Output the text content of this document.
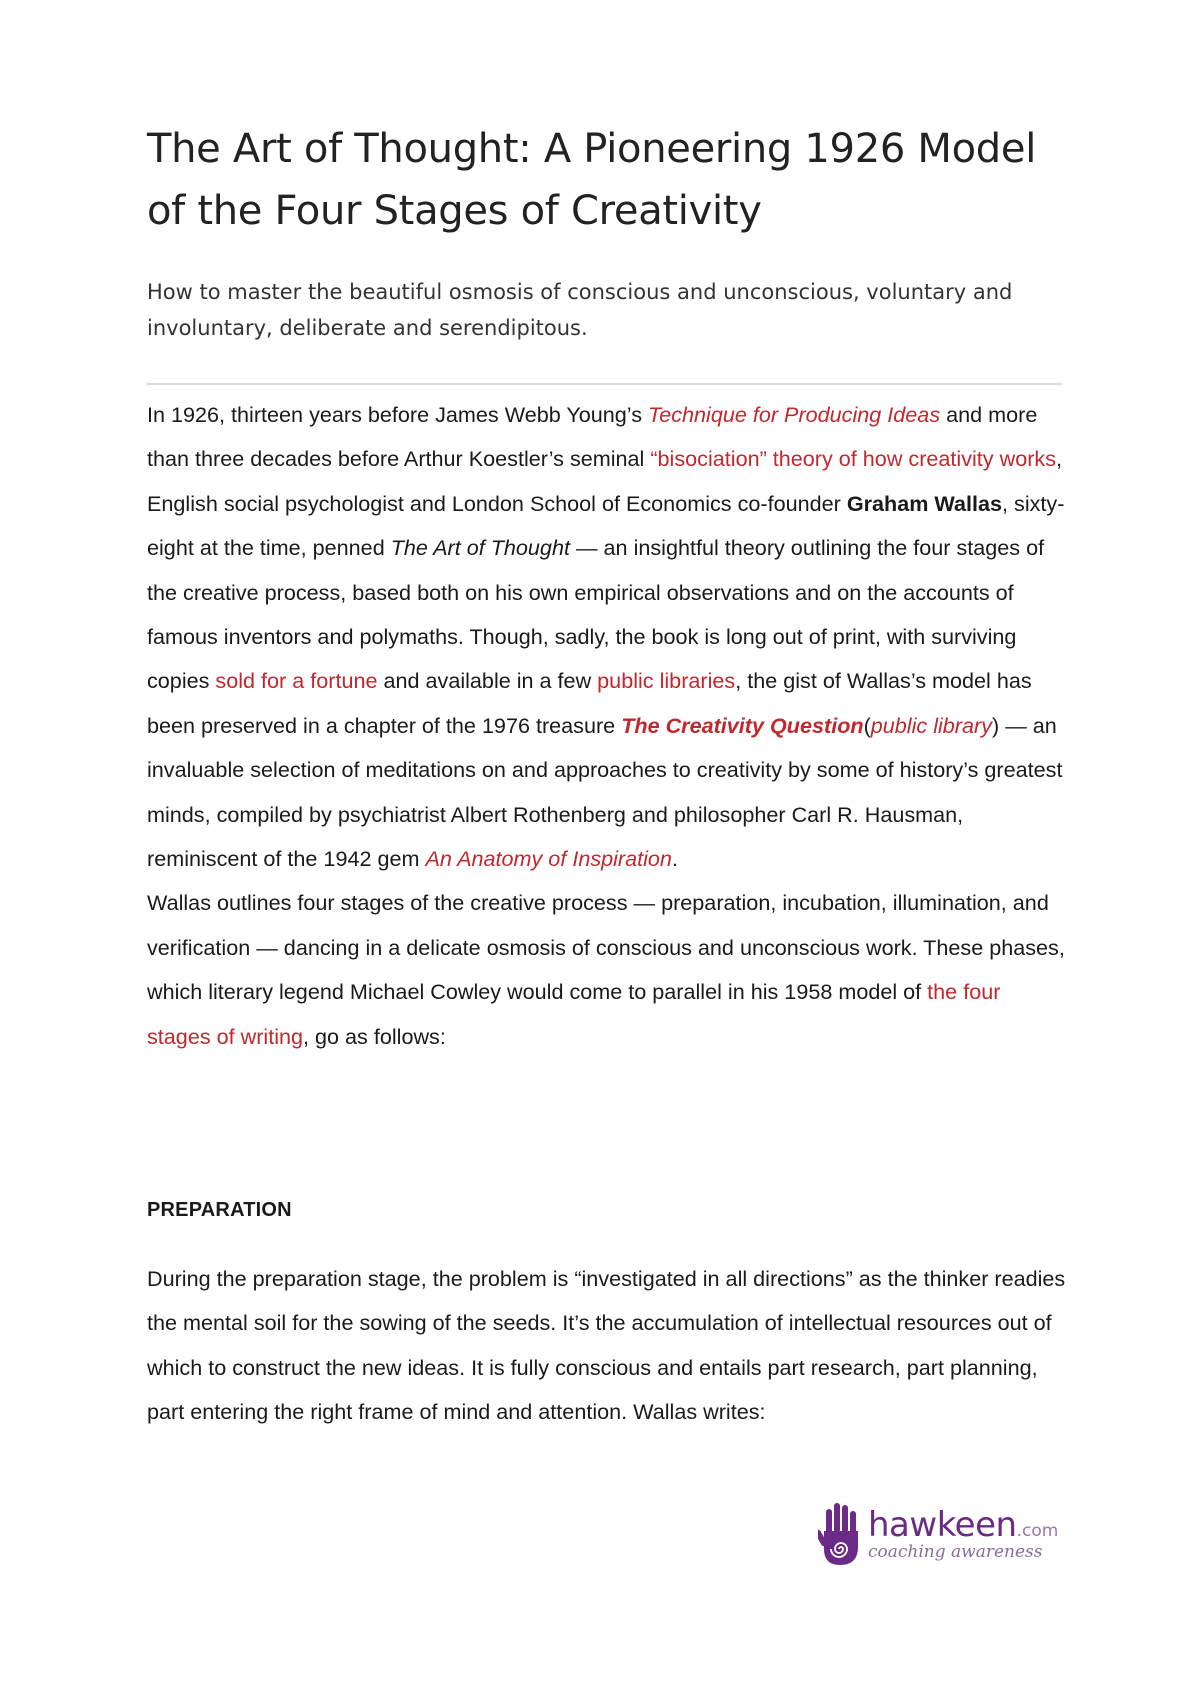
The Art of Thought: A Pioneering 1926 Model of the Four Stages of Creativity

How to master the beautiful osmosis of conscious and unconscious, voluntary and involuntary, deliberate and serendipitous.

In 1926, thirteen years before James Webb Young’s Technique for Producing Ideas and more than three decades before Arthur Koestler’s seminal “bisociation” theory of how creativity works, English social psychologist and London School of Economics co-founder Graham Wallas, sixty-eight at the time, penned The Art of Thought — an insightful theory outlining the four stages of the creative process, based both on his own empirical observations and on the accounts of famous inventors and polymaths. Though, sadly, the book is long out of print, with surviving copies sold for a fortune and available in a few public libraries, the gist of Wallas’s model has been preserved in a chapter of the 1976 treasure The Creativity Question(public library) — an invaluable selection of meditations on and approaches to creativity by some of history’s greatest minds, compiled by psychiatrist Albert Rothenberg and philosopher Carl R. Hausman, reminiscent of the 1942 gem An Anatomy of Inspiration.

Wallas outlines four stages of the creative process — preparation, incubation, illumination, and verification — dancing in a delicate osmosis of conscious and unconscious work. These phases, which literary legend Michael Cowley would come to parallel in his 1958 model of the four stages of writing, go as follows:

PREPARATION

During the preparation stage, the problem is “investigated in all directions” as the thinker readies the mental soil for the sowing of the seeds. It’s the accumulation of intellectual resources out of which to construct the new ideas. It is fully conscious and entails part research, part planning, part entering the right frame of mind and attention. Wallas writes:

hawkeen.com
coaching awareness
